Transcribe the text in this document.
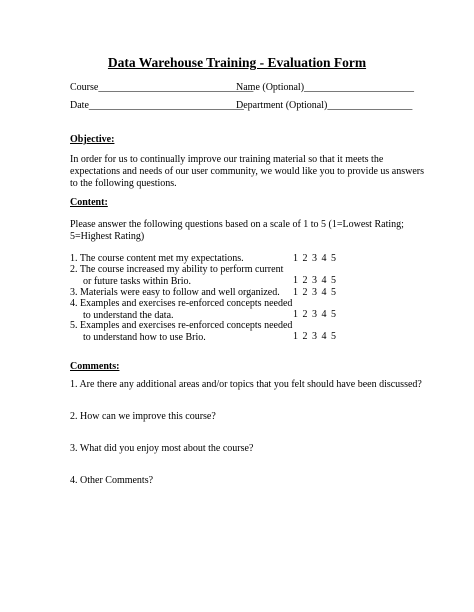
Data Warehouse Training - Evaluation Form
Course_______________________________
Name (Optional)______________________
Date_______________________________
Department (Optional)_________________
Objective:
In order for us to continually improve our training material so that it meets the
expectations and needs of our user community, we would like you to provide us answers
to the following questions.
Content:
Please answer the following questions based on a scale of 1 to 5 (1=Lowest Rating;
5=Highest Rating)
1. The course content met my expectations.	1 2 3 4 5
2. The course increased my ability to perform current
or future tasks within Brio.	1 2 3 4 5
3. Materials were easy to follow and well organized. 1 2 3 4 5
4. Examples and exercises re-enforced concepts needed
to understand the data.	1 2 3 4 5
5. Examples and exercises re-enforced concepts needed
to understand how to use Brio.	1 2 3 4 5
Comments:
1. Are there any additional areas and/or topics that you felt should have been discussed?
2. How can we improve this course?
3. What did you enjoy most about the course?
4. Other Comments?
